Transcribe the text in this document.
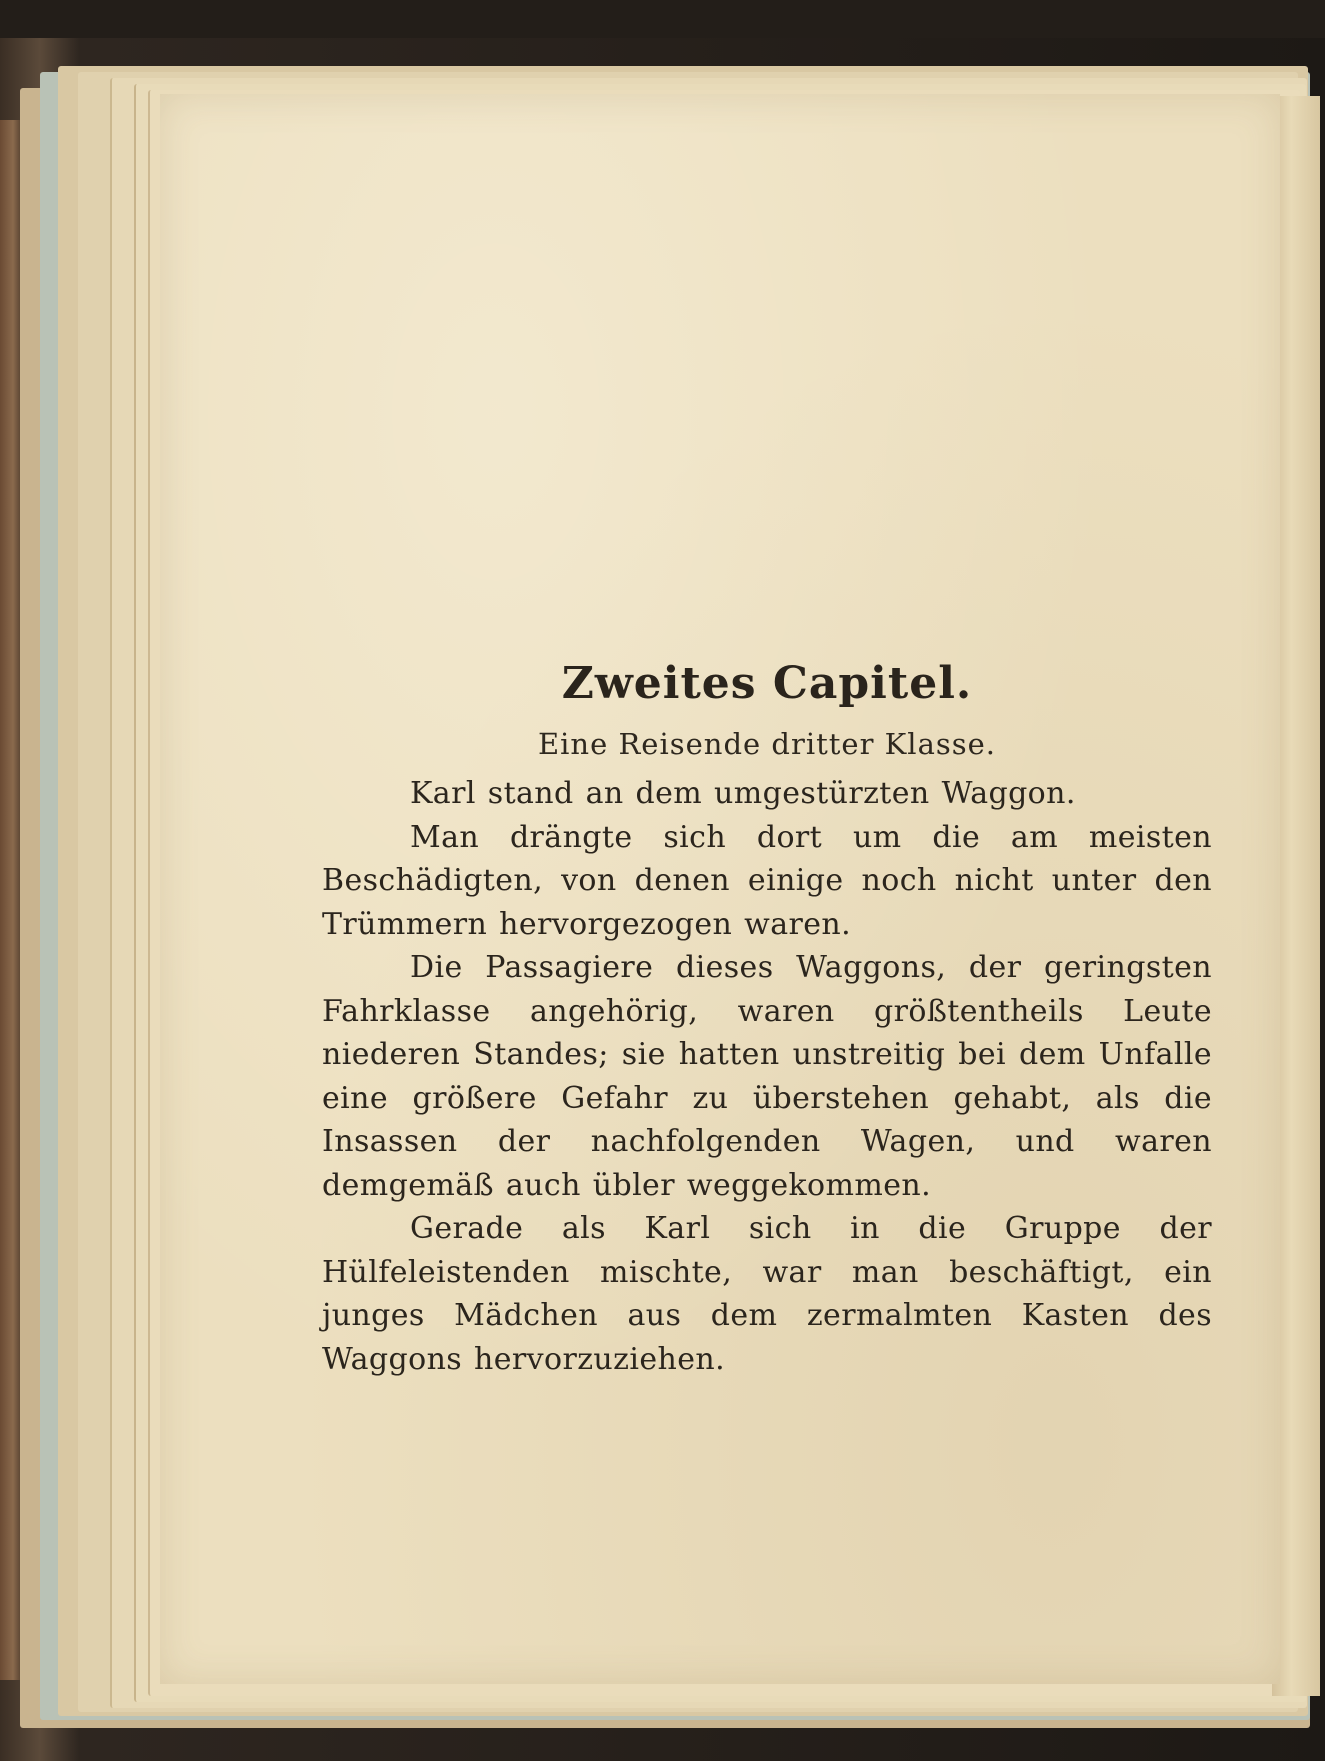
Zweites Capitel.
Eine Reisende dritter Klasse.

Karl stand an dem umgestürzten Waggon.

Man drängte sich dort um die am meisten Beschädigten, von denen einige noch nicht unter den Trümmern hervorgezogen waren.

Die Passagiere dieses Waggons, der geringsten Fahrklasse angehörig, waren größtentheils Leute niederen Standes; sie hatten unstreitig bei dem Unfalle eine größere Gefahr zu überstehen gehabt, als die Insassen der nachfolgenden Wagen, und waren demgemäß auch übler weggekommen.

Gerade als Karl sich in die Gruppe der Hülfeleistenden mischte, war man beschäftigt, ein junges Mädchen aus dem zermalmten Kasten des Waggons hervorzuziehen.
